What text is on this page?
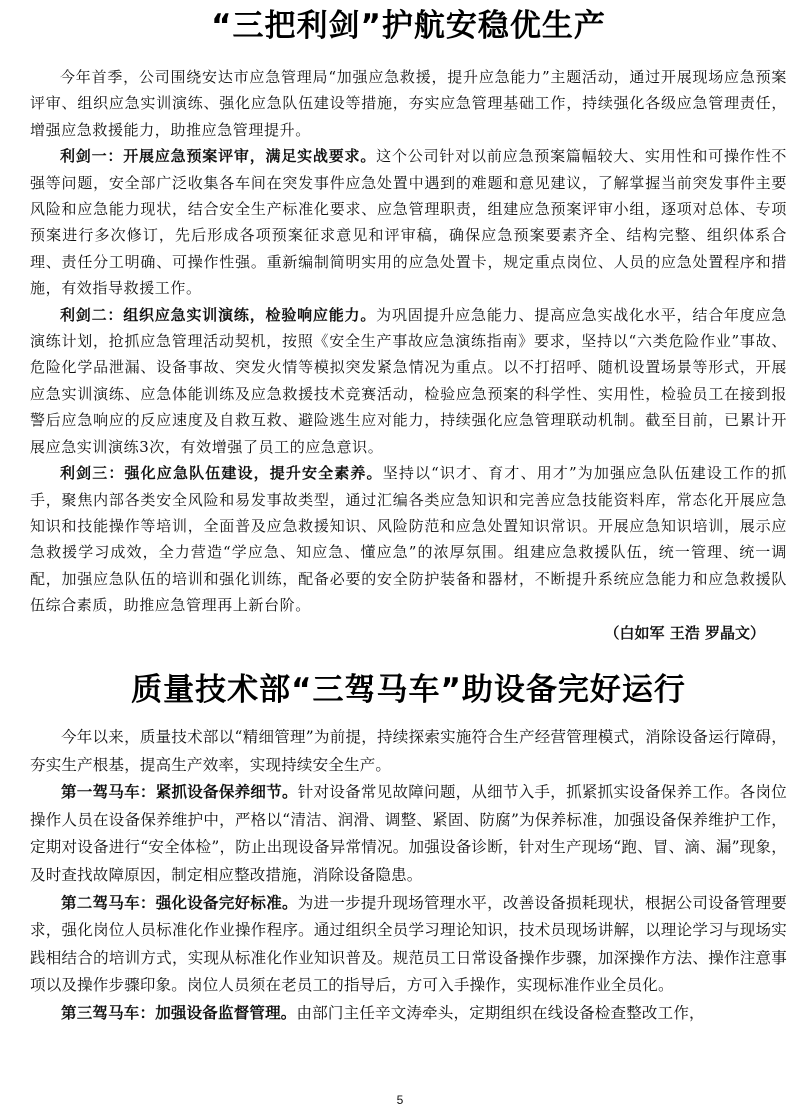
“三把利剑”护航安稳优生产

今年首季，公司围绕安达市应急管理局“加强应急救援，提升应急能力”主题活动，通过开展现场应急预案评审、组织应急实训演练、强化应急队伍建设等措施，夯实应急管理基础工作，持续强化各级应急管理责任，增强应急救援能力，助推应急管理提升。

利剑一：开展应急预案评审，满足实战要求。这个公司针对以前应急预案篇幅较大、实用性和可操作性不强等问题，安全部广泛收集各车间在突发事件应急处置中遇到的难题和意见建议，了解掌握当前突发事件主要风险和应急能力现状，结合安全生产标准化要求、应急管理职责，组建应急预案评审小组，逐项对总体、专项预案进行多次修订，先后形成各项预案征求意见和评审稿，确保应急预案要素齐全、结构完整、组织体系合理、责任分工明确、可操作性强。重新编制简明实用的应急处置卡，规定重点岗位、人员的应急处置程序和措施，有效指导救援工作。

利剑二：组织应急实训演练，检验响应能力。为巩固提升应急能力、提高应急实战化水平，结合年度应急演练计划，抢抓应急管理活动契机，按照《安全生产事故应急演练指南》要求，坚持以“六类危险作业”事故、危险化学品泄漏、设备事故、突发火情等模拟突发紧急情况为重点。以不打招呼、随机设置场景等形式，开展应急实训演练、应急体能训练及应急救援技术竞赛活动，检验应急预案的科学性、实用性，检验员工在接到报警后应急响应的反应速度及自救互救、避险逃生应对能力，持续强化应急管理联动机制。截至目前，已累计开展应急实训演练3次，有效增强了员工的应急意识。

利剑三：强化应急队伍建设，提升安全素养。坚持以“识才、育才、用才”为加强应急队伍建设工作的抓手，聚焦内部各类安全风险和易发事故类型，通过汇编各类应急知识和完善应急技能资料库，常态化开展应急知识和技能操作等培训，全面普及应急救援知识、风险防范和应急处置知识常识。开展应急知识培训，展示应急救援学习成效，全力营造“学应急、知应急、懂应急”的浓厚氛围。组建应急救援队伍，统一管理、统一调配，加强应急队伍的培训和强化训练，配备必要的安全防护装备和器材，不断提升系统应急能力和应急救援队伍综合素质，助推应急管理再上新台阶。

（白如军 王浩 罗晶文）

质量技术部“三驾马车”助设备完好运行

今年以来，质量技术部以“精细管理”为前提，持续探索实施符合生产经营管理模式，消除设备运行障碍，夯实生产根基，提高生产效率，实现持续安全生产。

第一驾马车：紧抓设备保养细节。针对设备常见故障问题，从细节入手，抓紧抓实设备保养工作。各岗位操作人员在设备保养维护中，严格以“清洁、润滑、调整、紧固、防腐”为保养标准，加强设备保养维护工作，定期对设备进行“安全体检”，防止出现设备异常情况。加强设备诊断，针对生产现场“跑、冒、滴、漏”现象，及时查找故障原因，制定相应整改措施，消除设备隐患。

第二驾马车：强化设备完好标准。为进一步提升现场管理水平，改善设备损耗现状，根据公司设备管理要求，强化岗位人员标准化作业操作程序。通过组织全员学习理论知识，技术员现场讲解，以理论学习与现场实践相结合的培训方式，实现从标准化作业知识普及。规范员工日常设备操作步骤，加深操作方法、操作注意事项以及操作步骤印象。岗位人员须在老员工的指导后，方可入手操作，实现标准作业全员化。

第三驾马车：加强设备监督管理。由部门主任辛文涛牵头，定期组织在线设备检查整改工作，

5
